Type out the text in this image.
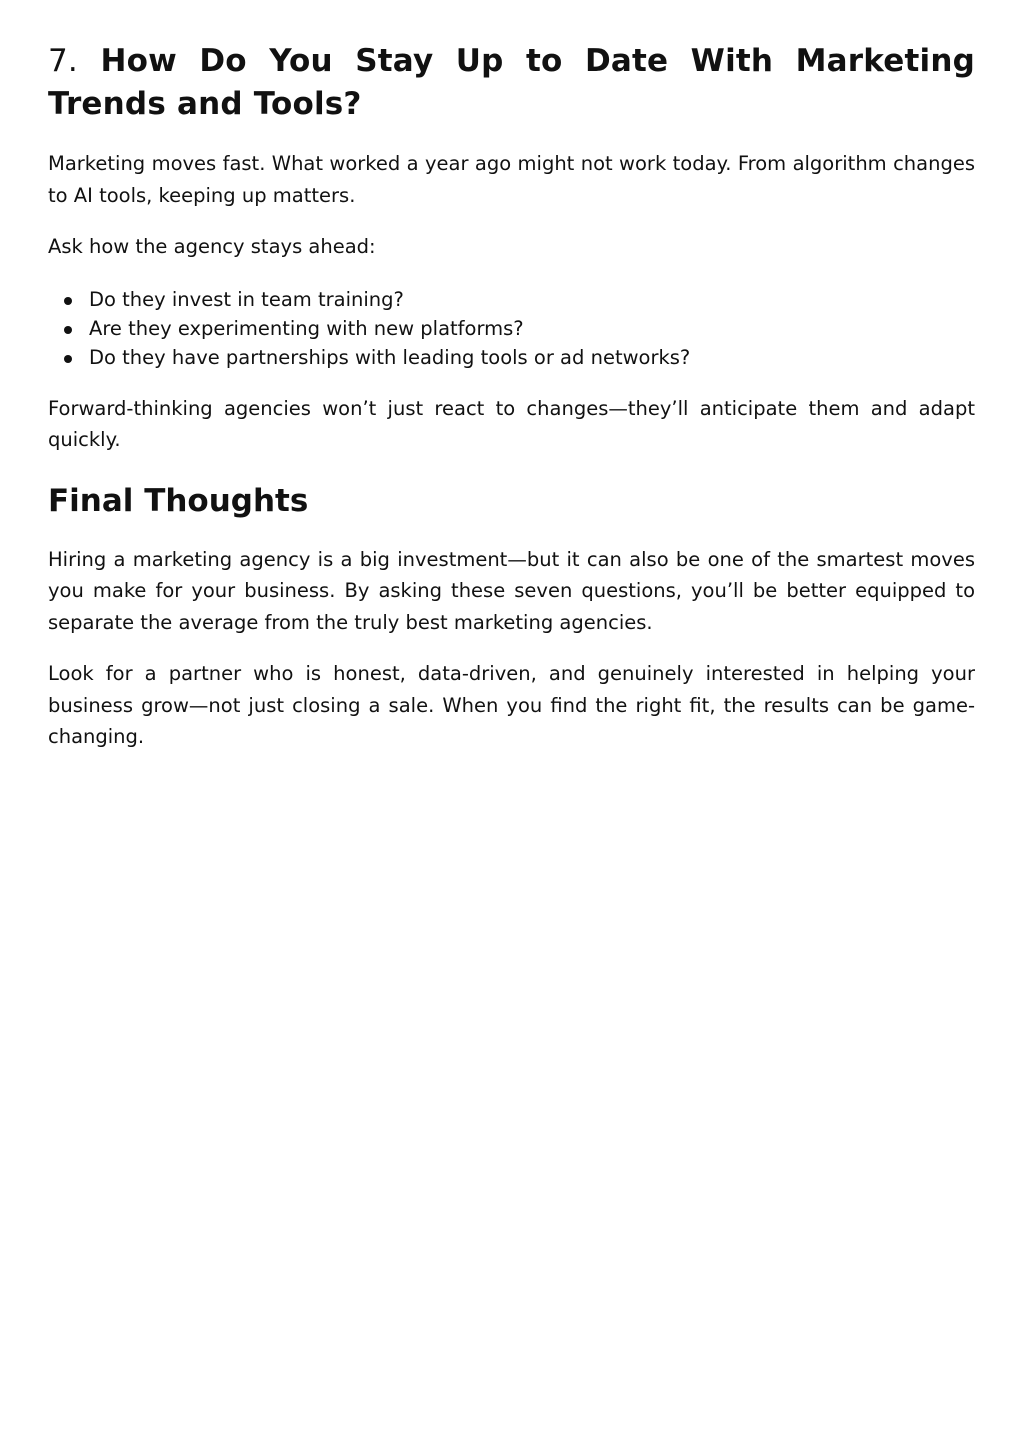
7. How Do You Stay Up to Date With Marketing Trends and Tools?

Marketing moves fast. What worked a year ago might not work today. From algorithm changes to AI tools, keeping up matters.

Ask how the agency stays ahead:

Do they invest in team training?
Are they experimenting with new platforms?
Do they have partnerships with leading tools or ad networks?

Forward-thinking agencies won’t just react to changes—they’ll anticipate them and adapt quickly.

Final Thoughts

Hiring a marketing agency is a big investment—but it can also be one of the smartest moves you make for your business. By asking these seven questions, you’ll be better equipped to separate the average from the truly best marketing agencies.

Look for a partner who is honest, data-driven, and genuinely interested in helping your business grow—not just closing a sale. When you find the right fit, the results can be game-changing.
